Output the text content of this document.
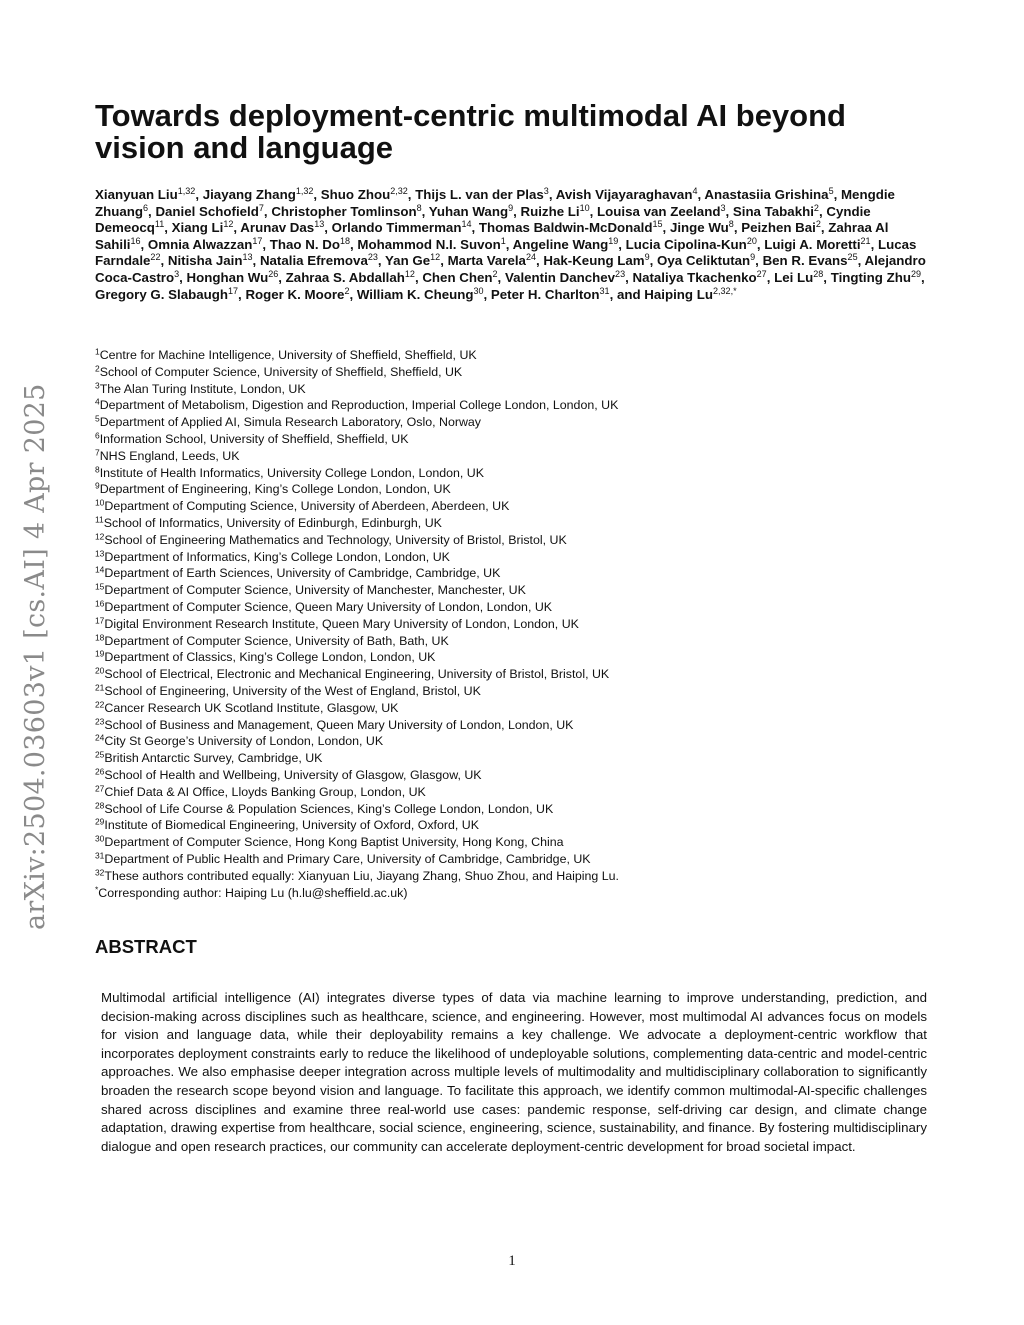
arXiv:2504.03603v1 [cs.AI] 4 Apr 2025
Towards deployment-centric multimodal AI beyond vision and language

Xianyuan Liu$^{1,32}$, Jiayang Zhang$^{1,32}$, Shuo Zhou$^{2,32}$, Thijs L. van der Plas$^3$, Avish Vijayaraghavan$^4$, Anastasiia Grishina$^5$, Mengdie Zhuang$^6$, Daniel Schofield$^7$, Christopher Tomlinson$^8$, Yuhan Wang$^9$, Ruizhe Li$^{10}$, Louisa van Zeeland$^3$, Sina Tabakhi$^2$, Cyndie Demeocq$^{11}$, Xiang Li$^{12}$, Arunav Das$^{13}$, Orlando Timmerman$^{14}$, Thomas Baldwin-McDonald$^{15}$, Jinge Wu$^8$, Peizhen Bai$^2$, Zahraa Al Sahili$^{16}$, Omnia Alwazzan$^{17}$, Thao N. Do$^{18}$, Mohammod N.I. Suvon$^1$, Angeline Wang$^{19}$, Lucia Cipolina-Kun$^{20}$, Luigi A. Moretti$^{21}$, Lucas Farndale$^{22}$, Nitisha Jain$^{13}$, Natalia Efremova$^{23}$, Yan Ge$^{12}$, Marta Varela$^{24}$, Hak-Keung Lam$^9$, Oya Celiktutan$^9$, Ben R. Evans$^{25}$, Alejandro Coca-Castro$^3$, Honghan Wu$^{26}$, Zahraa S. Abdallah$^{12}$, Chen Chen$^2$, Valentin Danchev$^{23}$, Nataliya Tkachenko$^{27}$, Lei Lu$^{28}$, Tingting Zhu$^{29}$, Gregory G. Slabaugh$^{17}$, Roger K. Moore$^2$, William K. Cheung$^{30}$, Peter H. Charlton$^{31}$, and Haiping $Lu^{2,32,*}$

$^1$Centre for Machine Intelligence, University of Sheffield, Sheffield, UK
$^2$School of Computer Science, University of Sheffield, Sheffield, UK
$^3$The Alan Turing Institute, London, UK
$^4$Department of Metabolism, Digestion and Reproduction, Imperial College London, London, UK
$^5$Department of Applied AI, Simula Research Laboratory, Oslo, Norway
$^6$Information School, University of Sheffield, Sheffield, UK
$^7$NHS England, Leeds, UK
$^8$Institute of Health Informatics, University College London, London, UK
$^9$Department of Engineering, King’s College London, London, UK
$^{10}$Department of Computing Science, University of Aberdeen, Aberdeen, UK
$^{11}$School of Informatics, University of Edinburgh, Edinburgh, UK
$^{12}$School of Engineering Mathematics and Technology, University of Bristol, Bristol, UK
$^{13}$Department of Informatics, King’s College London, London, UK
$^{14}$Department of Earth Sciences, University of Cambridge, Cambridge, UK
$^{15}$Department of Computer Science, University of Manchester, Manchester, UK
$^{16}$Department of Computer Science, Queen Mary University of London, London, UK
$^{17}$Digital Environment Research Institute, Queen Mary University of London, London, UK
$^{18}$Department of Computer Science, University of Bath, Bath, UK
$^{19}$Department of Classics, King’s College London, London, UK
$^{20}$School of Electrical, Electronic and Mechanical Engineering, University of Bristol, Bristol, UK
$^{21}$School of Engineering, University of the West of England, Bristol, UK
$^{22}$Cancer Research UK Scotland Institute, Glasgow, UK
$^{23}$School of Business and Management, Queen Mary University of London, London, UK
$^{24}$City St George’s University of London, London, UK
$^{25}$British Antarctic Survey, Cambridge, UK
$^{26}$School of Health and Wellbeing, University of Glasgow, Glasgow, UK
$^{27}$Chief Data & AI Office, Lloyds Banking Group, London, UK
$^{28}$School of Life Course & Population Sciences, King’s College London, London, UK
$^{29}$Institute of Biomedical Engineering, University of Oxford, Oxford, UK
$^{30}$Department of Computer Science, Hong Kong Baptist University, Hong Kong, China
$^{31}$Department of Public Health and Primary Care, University of Cambridge, Cambridge, UK
$^{32}$These authors contributed equally: Xianyuan Liu, Jiayang Zhang, Shuo Zhou, and Haiping Lu.
*Corresponding author: Haiping Lu (h.lu@sheffield.ac.uk)
ABSTRACT

Multimodal artificial intelligence (AI) integrates diverse types of data via machine learning to improve understanding, prediction, and decision-making across disciplines such as healthcare, science, and engineering. However, most multimodal AI advances focus on models for vision and language data, while their deployability remains a key challenge. We advocate a deployment-centric workflow that incorporates deployment constraints early to reduce the likelihood of undeployable solutions, complementing data-centric and model-centric approaches. We also emphasise deeper integration across multiple levels of multimodality and multidisciplinary collaboration to significantly broaden the research scope beyond vision and language. To facilitate this approach, we identify common multimodal-AI-specific challenges shared across disciplines and examine three real-world use cases: pandemic response, self-driving car design, and climate change adaptation, drawing expertise from healthcare, social science, engineering, science, sustainability, and finance. By fostering multidisciplinary dialogue and open research practices, our community can accelerate deployment-centric development for broad societal impact.

1
